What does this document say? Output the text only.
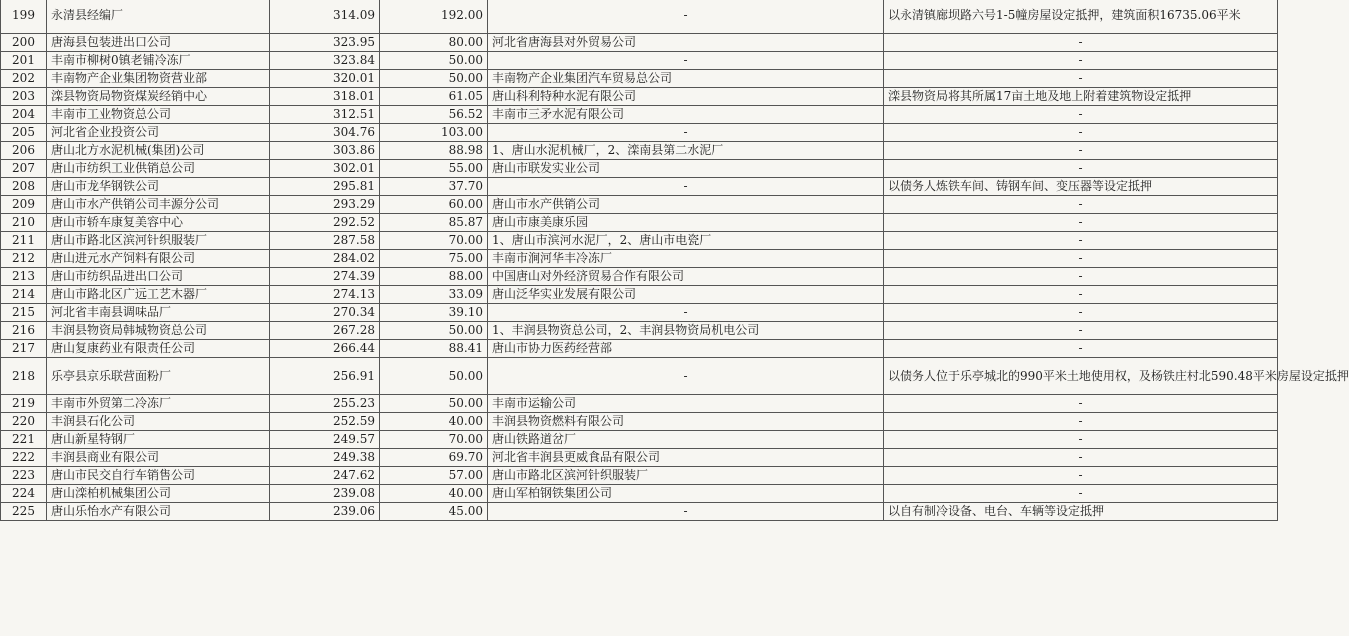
199	永清县经编厂	314.09	192.00	-	以永清镇廊坝路六号1-5幢房屋设定抵押，建筑面积16735.06平米
200	唐海县包装进出口公司	323.95	80.00	河北省唐海县对外贸易公司	-
201	丰南市柳树0镇老铺冷冻厂	323.84	50.00	-	-
202	丰南物产企业集团物资营业部	320.01	50.00	丰南物产企业集团汽车贸易总公司	-
203	滦县物资局物资煤炭经销中心	318.01	61.05	唐山科利特种水泥有限公司	滦县物资局将其所属17亩土地及地上附着建筑物设定抵押
204	丰南市工业物资总公司	312.51	56.52	丰南市三矛水泥有限公司	-
205	河北省企业投资公司	304.76	103.00	-	-
206	唐山北方水泥机械(集团)公司	303.86	88.98	1、唐山水泥机械厂，2、滦南县第二水泥厂	-
207	唐山市纺织工业供销总公司	302.01	55.00	唐山市联发实业公司	-
208	唐山市龙华钢铁公司	295.81	37.70	-	以债务人炼铁车间、铸钢车间、变压器等设定抵押
209	唐山市水产供销公司丰源分公司	293.29	60.00	唐山市水产供销公司	-
210	唐山市轿车康复美容中心	292.52	85.87	唐山市康美康乐园	-
211	唐山市路北区滨河针织服装厂	287.58	70.00	1、唐山市滨河水泥厂，2、唐山市电瓷厂	-
212	唐山进元水产饲料有限公司	284.02	75.00	丰南市涧河华丰冷冻厂	-
213	唐山市纺织品进出口公司	274.39	88.00	中国唐山对外经济贸易合作有限公司	-
214	唐山市路北区广远工艺木器厂	274.13	33.09	唐山泛华实业发展有限公司	-
215	河北省丰南县调味品厂	270.34	39.10	-	-
216	丰润县物资局韩城物资总公司	267.28	50.00	1、丰润县物资总公司，2、丰润县物资局机电公司	-
217	唐山复康药业有限责任公司	266.44	88.41	唐山市协力医药经营部	-
218	乐亭县京乐联营面粉厂	256.91	50.00	-	以债务人位于乐亭城北的990平米土地使用权，及杨铁庄村北590.48平米房屋设定抵押
219	丰南市外贸第二冷冻厂	255.23	50.00	丰南市运输公司	-
220	丰润县石化公司	252.59	40.00	丰润县物资燃料有限公司	-
221	唐山新星特钢厂	249.57	70.00	唐山铁路道岔厂	-
222	丰润县商业有限公司	249.38	69.70	河北省丰润县更威食品有限公司	-
223	唐山市民交自行车销售公司	247.62	57.00	唐山市路北区滨河针织服装厂	-
224	唐山滦柏机械集团公司	239.08	40.00	唐山军柏钢铁集团公司	-
225	唐山乐怡水产有限公司	239.06	45.00	-	以自有制冷设备、电台、车辆等设定抵押
